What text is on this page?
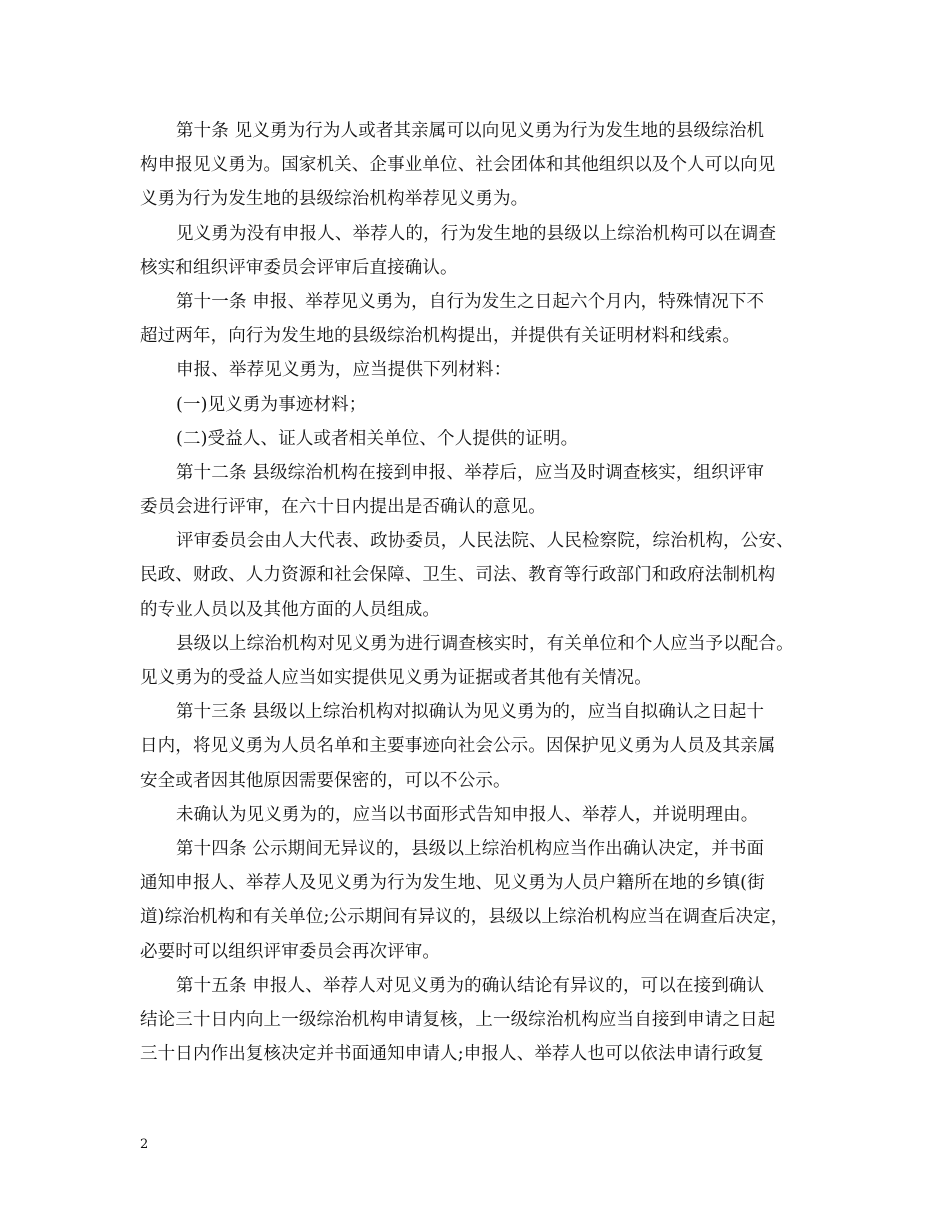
第十条 见义勇为行为人或者其亲属可以向见义勇为行为发生地的县级综治机
构申报见义勇为。国家机关、企事业单位、社会团体和其他组织以及个人可以向见
义勇为行为发生地的县级综治机构举荐见义勇为。
见义勇为没有申报人、举荐人的，行为发生地的县级以上综治机构可以在调查
核实和组织评审委员会评审后直接确认。
第十一条 申报、举荐见义勇为，自行为发生之日起六个月内，特殊情况下不
超过两年，向行为发生地的县级综治机构提出，并提供有关证明材料和线索。
申报、举荐见义勇为，应当提供下列材料：
(一)见义勇为事迹材料；
(二)受益人、证人或者相关单位、个人提供的证明。
第十二条 县级综治机构在接到申报、举荐后，应当及时调查核实，组织评审
委员会进行评审，在六十日内提出是否确认的意见。
评审委员会由人大代表、政协委员，人民法院、人民检察院，综治机构，公安、
民政、财政、人力资源和社会保障、卫生、司法、教育等行政部门和政府法制机构
的专业人员以及其他方面的人员组成。
县级以上综治机构对见义勇为进行调查核实时，有关单位和个人应当予以配合。
见义勇为的受益人应当如实提供见义勇为证据或者其他有关情况。
第十三条 县级以上综治机构对拟确认为见义勇为的，应当自拟确认之日起十
日内，将见义勇为人员名单和主要事迹向社会公示。因保护见义勇为人员及其亲属
安全或者因其他原因需要保密的，可以不公示。
未确认为见义勇为的，应当以书面形式告知申报人、举荐人，并说明理由。
第十四条 公示期间无异议的，县级以上综治机构应当作出确认决定，并书面
通知申报人、举荐人及见义勇为行为发生地、见义勇为人员户籍所在地的乡镇(街
道)综治机构和有关单位;公示期间有异议的，县级以上综治机构应当在调查后决定，
必要时可以组织评审委员会再次评审。
第十五条 申报人、举荐人对见义勇为的确认结论有异议的，可以在接到确认
结论三十日内向上一级综治机构申请复核，上一级综治机构应当自接到申请之日起
三十日内作出复核决定并书面通知申请人;申报人、举荐人也可以依法申请行政复
2
